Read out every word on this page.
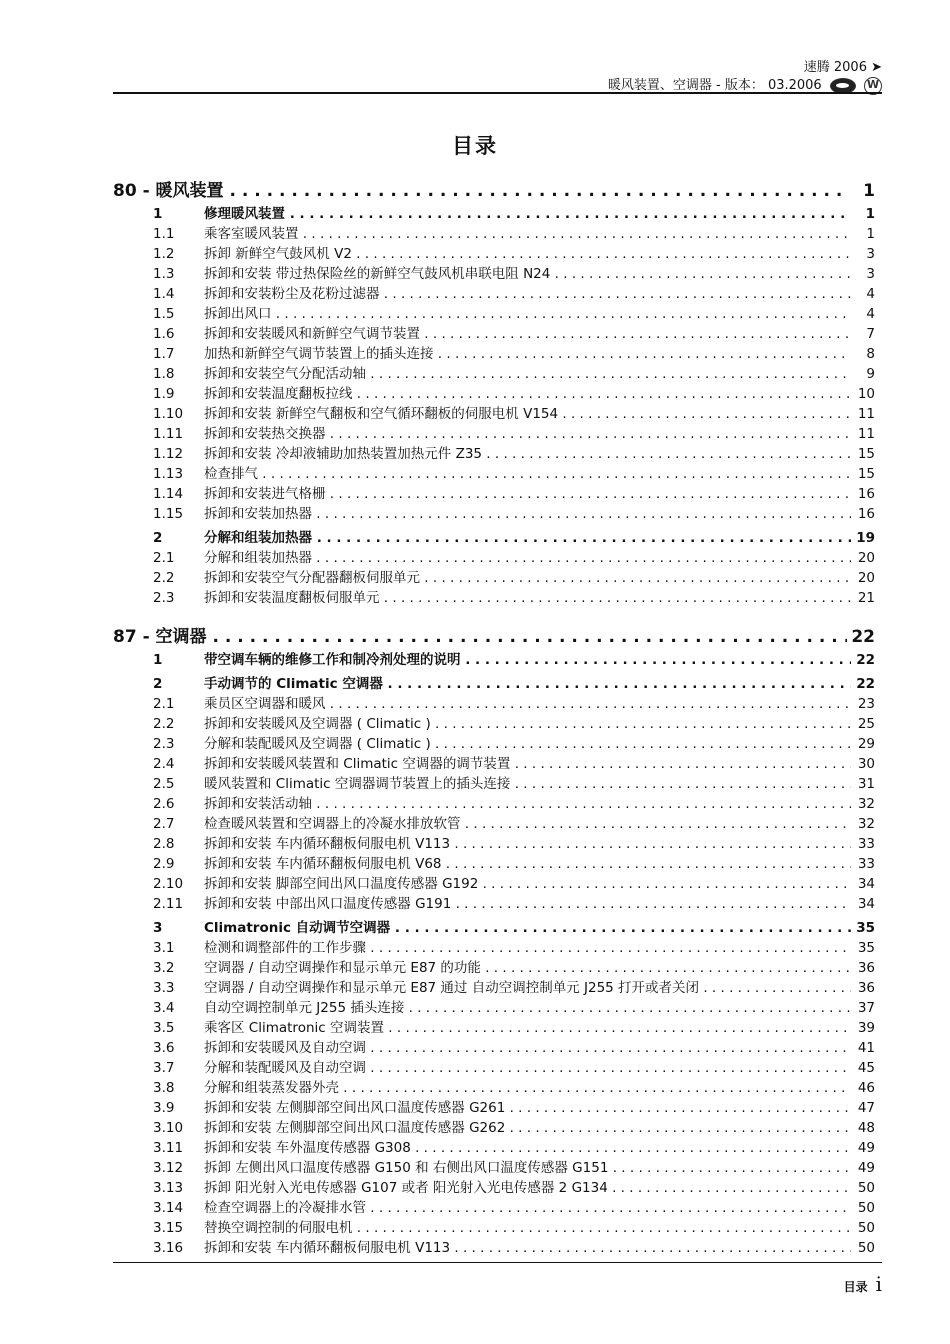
速腾 2006 ➤
暖风装置、空调器 - 版本： 03.2006  W
目录
80 - 暖风装置 . . .	1
1	修理暖风装置 . . .	1
1.1 乘客室暖风装置 . . .	1
1.2 拆卸 新鲜空气鼓风机 V2 . . .	3
1.3 拆卸和安装 带过热保险丝的新鲜空气鼓风机串联电阻 N24 . . .	3
1.4 拆卸和安装粉尘及花粉过滤器 . . .	4
1.5 拆卸出风口 . . .	4
1.6 拆卸和安装暖风和新鲜空气调节装置 . . .	7
1.7 加热和新鲜空气调节装置上的插头连接 . . .	8
1.8 拆卸和安装空气分配活动轴 . . .	9
1.9 拆卸和安装温度翻板拉线 . . .	10
1.10 拆卸和安装 新鲜空气翻板和空气循环翻板的伺服电机 V154 . . .	11
1.11 拆卸和安装热交换器 . . .	11
1.12 拆卸和安装 冷却液辅助加热装置加热元件 Z35 . . .	15
1.13 检查排气 . . .	15
1.14 拆卸和安装进气格栅 . . .	16
1.15 拆卸和安装加热器 . . .	16
2	分解和组装加热器 . . .	19
2.1 分解和组装加热器 . . .	20
2.2 拆卸和安装空气分配器翻板伺服单元 . . .	20
2.3 拆卸和安装温度翻板伺服单元 . . .	21
87 - 空调器 . . .	22
1	带空调车辆的维修工作和制冷剂处理的说明 . . .	22
2	手动调节的 Climatic 空调器 . . .	22
2.1 乘员区空调器和暖风 . . .	23
2.2 拆卸和安装暖风及空调器 ( Climatic ) . . .	25
2.3 分解和装配暖风及空调器 ( Climatic ) . . .	29
2.4 拆卸和安装暖风装置和 Climatic 空调器的调节装置 . . .	30
2.5 暖风装置和 Climatic 空调器调节装置上的插头连接 . . .	31
2.6 拆卸和安装活动轴 . . .	32
2.7 检查暖风装置和空调器上的冷凝水排放软管 . . .	32
2.8 拆卸和安装 车内循环翻板伺服电机 V113 . . .	33
2.9 拆卸和安装 车内循环翻板伺服电机 V68 . . .	33
2.10 拆卸和安装 脚部空间出风口温度传感器 G192 . . .	34
2.11 拆卸和安装 中部出风口温度传感器 G191 . . .	34
3	Climatronic 自动调节空调器 . . .	35
3.1 检测和调整部件的工作步骤 . . .	35
3.2 空调器 / 自动空调操作和显示单元 E87 的功能 . . .	36
3.3 空调器 / 自动空调操作和显示单元 E87 通过 自动空调控制单元 J255 打开或者关闭 . . .	36
3.4 自动空调控制单元 J255 插头连接 . . .	37
3.5 乘客区 Climatronic 空调装置 . . .	39
3.6 拆卸和安装暖风及自动空调 . . .	41
3.7 分解和装配暖风及自动空调 . . .	45
3.8 分解和组装蒸发器外壳 . . .	46
3.9 拆卸和安装 左侧脚部空间出风口温度传感器 G261 . . .	47
3.10 拆卸和安装 左侧脚部空间出风口温度传感器 G262 . . .	48
3.11 拆卸和安装 车外温度传感器 G308 . . .	49
3.12 拆卸 左侧出风口温度传感器 G150 和 右侧出风口温度传感器 G151 . . .	49
3.13 拆卸 阳光射入光电传感器 G107 或者 阳光射入光电传感器 2 G134 . . .	50
3.14 检查空调器上的冷凝排水管 . . .	50
3.15 替换空调控制的伺服电机 . . .	50
3.16 拆卸和安装 车内循环翻板伺服电机 V113 . . .	50
目录 i
